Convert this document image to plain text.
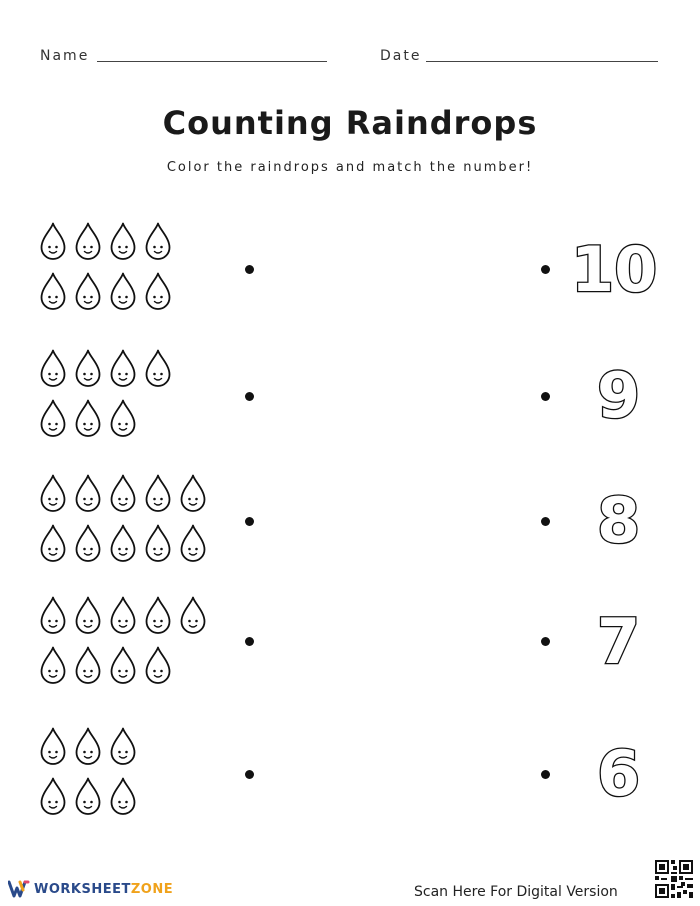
Name	Date
Counting Raindrops
Color the raindrops and match the number!
10
9
8
7
6
WORKSHEETZONE	Scan Here For Digital Version
